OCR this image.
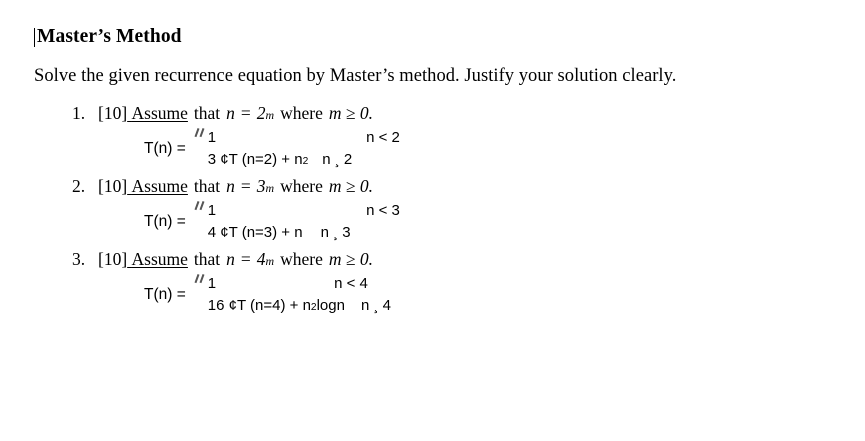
Master’s Method

Solve the given recurrence equation by Master’s method. Justify your solution clearly.

1. [10] Assume that n = 2 m where m ≥ 0.
T(n) =
1	n < 2
3 ¢T (n=2) + n 2 n ¸ 2
2. [10] Assume that n = 3 m where m ≥ 0.
T(n) =
1	n < 3
4 ¢T (n=3) + n n ¸ 3
3. [10] Assume that n = 4 m where m ≥ 0.
T(n) =
1	n < 4
16 ¢T (n=4) + n 2 logn n ¸ 4
